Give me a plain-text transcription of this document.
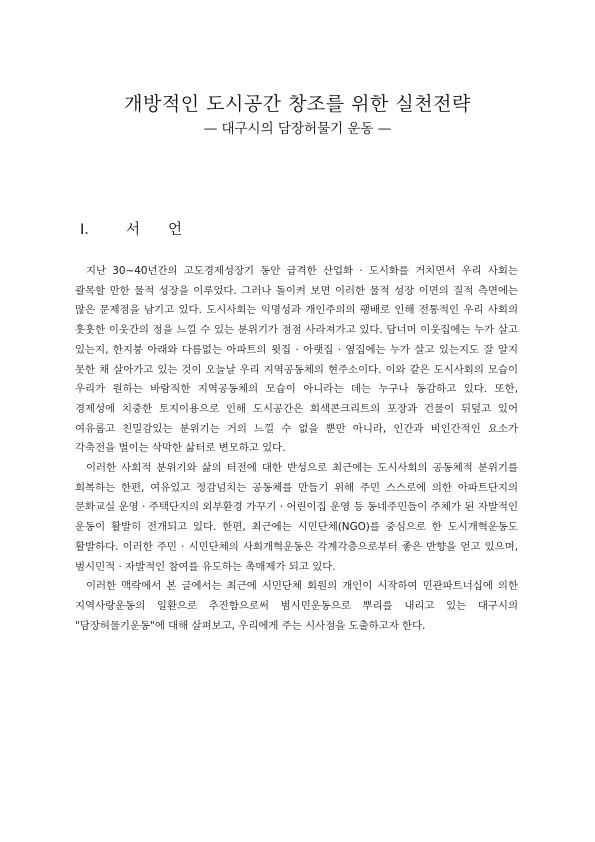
개방적인 도시공간 창조를 위한 실천전략
— 대구시의 담장허물기 운동 —
Ⅰ.	서언

지난 30~40년간의 고도경제성장기 동안 급격한 산업화 · 도시화를 거치면서 우리 사회는 괄목할 만한 물적 성장을 이루었다. 그러나 돌이켜 보면 이러한 물적 성장 이면의 질적 측면에는 많은 문제점을 남기고 있다. 도시사회는 익명성과 개인주의의 팽배로 인해 전통적인 우리 사회의 훗훗한 이웃간의 정을 느낄 수 있는 분위기가 점점 사라져가고 있다. 담너머 이웃집에는 누가 살고 있는지, 한지붕 아래와 다름없는 아파트의 윗집 · 아랫집 · 옆집에는 누가 살고 있는지도 잘 알지 못한 채 살아가고 있는 것이 오늘날 우리 지역공동체의 현주소이다. 이와 같은 도시사회의 모습이 우리가 원하는 바람직한 지역공동체의 모습이 아니라는 데는 누구나 동감하고 있다. 또한, 경제성에 치중한 토지이용으로 인해 도시공간은 회색콘크리트의 포장과 건물이 뒤덮고 있어 여유롭고 친밀감있는 분위기는 거의 느낄 수 없을 뿐만 아니라, 인간과 비인간적인 요소가 각축전을 벌이는 삭막한 삶터로 변모하고 있다.

이러한 사회적 분위기와 삶의 터전에 대한 반성으로 최근에는 도시사회의 공동체적 분위기를 회복하는 한편, 여유있고 정감넘치는 공동체를 만들기 위해 주민 스스로에 의한 아파트단지의 문화교실 운영 · 주택단지의 외부환경 가꾸기 · 어린이집 운영 등 동네주민들이 주체가 된 자발적인 운동이 활발히 전개되고 있다. 한편, 최근에는 시민단체(NGO)를 중심으로 한 도시개혁운동도 활발하다. 이러한 주민 · 시민단체의 사회개혁운동은 각계각층으로부터 좋은 반향을 얻고 있으며, 범시민적 · 자발적인 참여를 유도하는 촉매제가 되고 있다.

이러한 맥락에서 본 글에서는 최근에 시민단체 회원의 개인이 시작하여 민관파트너십에 의한 지역사랑운동의 일환으로 추진함으로써 범시민운동으로 뿌리를 내리고 있는 대구시의 "담장허물기운동"에 대해 살펴보고, 우리에게 주는 시사점을 도출하고자 한다.
